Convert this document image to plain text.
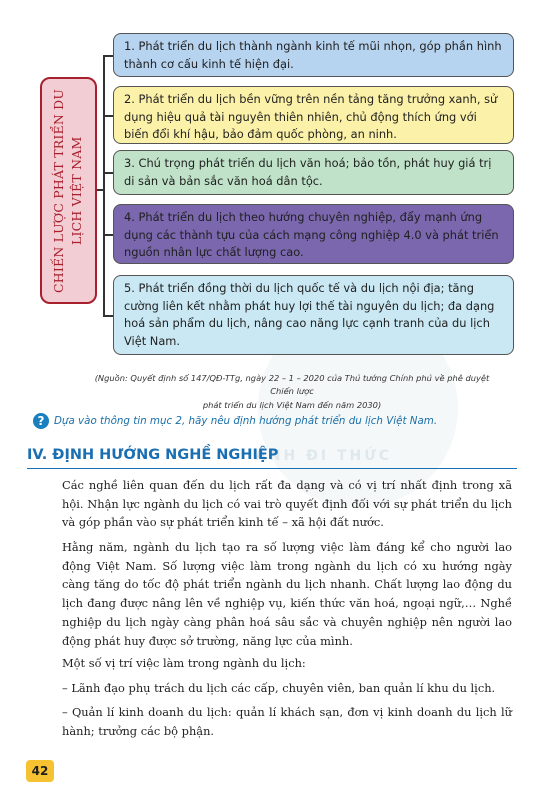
ÁNH ĐI THỨC
CHIẾN LƯỢC PHÁT TRIỂN DU LỊCH VIỆT NAM
1. Phát triển du lịch thành ngành kinh tế mũi nhọn, góp phần hình thành cơ cấu kinh tế hiện đại.
2. Phát triển du lịch bền vững trên nền tảng tăng trưởng xanh, sử dụng hiệu quả tài nguyên thiên nhiên, chủ động thích ứng với biến đổi khí hậu, bảo đảm quốc phòng, an ninh.
3. Chú trọng phát triển du lịch văn hoá; bảo tồn, phát huy giá trị di sản và bản sắc văn hoá dân tộc.
4. Phát triển du lịch theo hướng chuyên nghiệp, đẩy mạnh ứng dụng các thành tựu của cách mạng công nghiệp 4.0 và phát triển nguồn nhân lực chất lượng cao.
5. Phát triển đồng thời du lịch quốc tế và du lịch nội địa; tăng cường liên kết nhằm phát huy lợi thế tài nguyên du lịch; đa dạng hoá sản phẩm du lịch, nâng cao năng lực cạnh tranh của du lịch Việt Nam.
(Nguồn: Quyết định số 147/QĐ-TTg, ngày 22 – 1 – 2020 của Thủ tướng Chính phủ về phê duyệt Chiến lược
phát triển du lịch Việt Nam đến năm 2030)
? Dựa vào thông tin mục 2, hãy nêu định hướng phát triển du lịch Việt Nam.
IV. ĐỊNH HƯỚNG NGHỀ NGHIỆP

Các nghề liên quan đến du lịch rất đa dạng và có vị trí nhất định trong xã hội. Nhận lực ngành du lịch có vai trò quyết định đối với sự phát triển du lịch và góp phần vào sự phát triển kinh tế – xã hội đất nước.

Hằng năm, ngành du lịch tạo ra số lượng việc làm đáng kể cho người lao động Việt Nam. Số lượng việc làm trong ngành du lịch có xu hướng ngày càng tăng do tốc độ phát triển ngành du lịch nhanh. Chất lượng lao động du lịch đang được nâng lên về nghiệp vụ, kiến thức văn hoá, ngoại ngữ,… Nghề nghiệp du lịch ngày càng phân hoá sâu sắc và chuyên nghiệp nên người lao động phát huy được sở trường, năng lực của mình.

Một số vị trí việc làm trong ngành du lịch:

– Lãnh đạo phụ trách du lịch các cấp, chuyên viên, ban quản lí khu du lịch.

– Quản lí kinh doanh du lịch: quản lí khách sạn, đơn vị kinh doanh du lịch lữ hành; trưởng các bộ phận.

42
